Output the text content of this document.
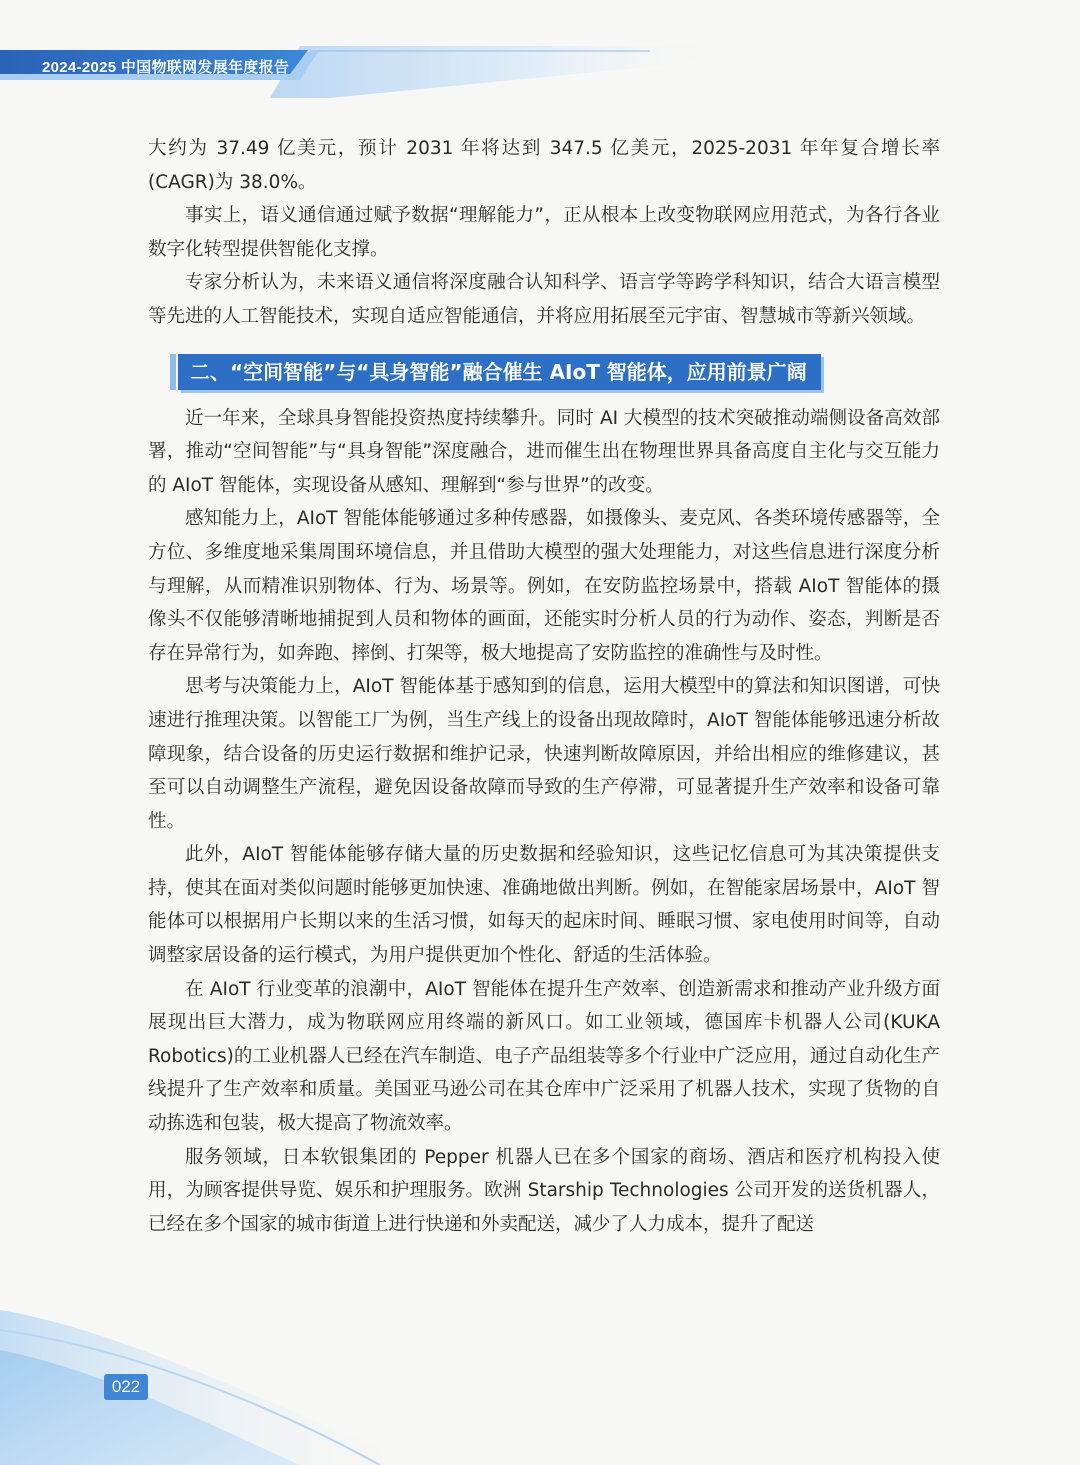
2024-2025 中国物联网发展年度报告

大约为 37.49 亿美元，预计 2031 年将达到 347.5 亿美元，2025-2031 年年复合增长率(CAGR)为 38.0%。

事实上，语义通信通过赋予数据“理解能力”，正从根本上改变物联网应用范式，为各行各业数字化转型提供智能化支撑。

专家分析认为，未来语义通信将深度融合认知科学、语言学等跨学科知识，结合大语言模型等先进的人工智能技术，实现自适应智能通信，并将应用拓展至元宇宙、智慧城市等新兴领域。

二、“空间智能”与“具身智能”融合催生 AIoT 智能体，应用前景广阔

近一年来，全球具身智能投资热度持续攀升。同时 AI 大模型的技术突破推动端侧设备高效部署，推动“空间智能”与“具身智能”深度融合，进而催生出在物理世界具备高度自主化与交互能力的 AIoT 智能体，实现设备从感知、理解到“参与世界”的改变。

感知能力上，AIoT 智能体能够通过多种传感器，如摄像头、麦克风、各类环境传感器等，全方位、多维度地采集周围环境信息，并且借助大模型的强大处理能力，对这些信息进行深度分析与理解，从而精准识别物体、行为、场景等。例如，在安防监控场景中，搭载 AIoT 智能体的摄像头不仅能够清晰地捕捉到人员和物体的画面，还能实时分析人员的行为动作、姿态，判断是否存在异常行为，如奔跑、摔倒、打架等，极大地提高了安防监控的准确性与及时性。

思考与决策能力上，AIoT 智能体基于感知到的信息，运用大模型中的算法和知识图谱，可快速进行推理决策。以智能工厂为例，当生产线上的设备出现故障时，AIoT 智能体能够迅速分析故障现象，结合设备的历史运行数据和维护记录，快速判断故障原因，并给出相应的维修建议，甚至可以自动调整生产流程，避免因设备故障而导致的生产停滞，可显著提升生产效率和设备可靠性。

此外，AIoT 智能体能够存储大量的历史数据和经验知识，这些记忆信息可为其决策提供支持，使其在面对类似问题时能够更加快速、准确地做出判断。例如，在智能家居场景中，AIoT 智能体可以根据用户长期以来的生活习惯，如每天的起床时间、睡眠习惯、家电使用时间等，自动调整家居设备的运行模式，为用户提供更加个性化、舒适的生活体验。

在 AIoT 行业变革的浪潮中，AIoT 智能体在提升生产效率、创造新需求和推动产业升级方面展现出巨大潜力，成为物联网应用终端的新风口。如工业领域，德国库卡机器人公司(KUKA Robotics)的工业机器人已经在汽车制造、电子产品组装等多个行业中广泛应用，通过自动化生产线提升了生产效率和质量。美国亚马逊公司在其仓库中广泛采用了机器人技术，实现了货物的自动拣选和包装，极大提高了物流效率。

服务领域，日本软银集团的 Pepper 机器人已在多个国家的商场、酒店和医疗机构投入使用，为顾客提供导览、娱乐和护理服务。欧洲 Starship Technologies 公司开发的送货机器人，已经在多个国家的城市街道上进行快递和外卖配送，减少了人力成本，提升了配送

022
